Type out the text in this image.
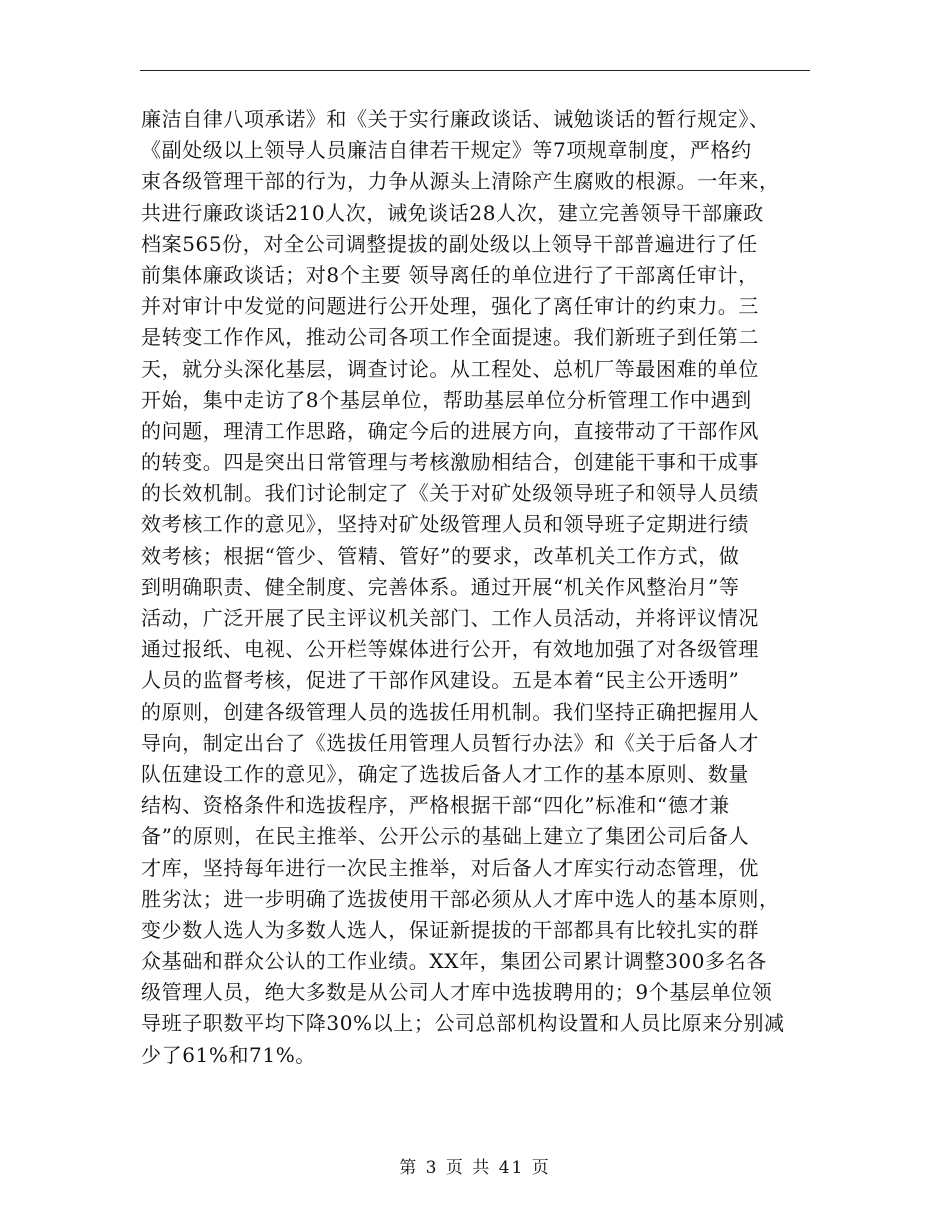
廉洁自律八项承诺》和《关于实行廉政谈话、诫勉谈话的暂行规定》、
《副处级以上领导人员廉洁自律若干规定》等7项规章制度，严格约
束各级管理干部的行为，力争从源头上清除产生腐败的根源。一年来，
共进行廉政谈话210人次，诫免谈话28人次，建立完善领导干部廉政
档案565份，对全公司调整提拔的副处级以上领导干部普遍进行了任
前集体廉政谈话；对8个主要 领导离任的单位进行了干部离任审计，
并对审计中发觉的问题进行公开处理，强化了离任审计的约束力。三
是转变工作作风，推动公司各项工作全面提速。我们新班子到任第二
天，就分头深化基层，调查讨论。从工程处、总机厂等最困难的单位
开始，集中走访了8个基层单位，帮助基层单位分析管理工作中遇到
的问题，理清工作思路，确定今后的进展方向，直接带动了干部作风
的转变。四是突出日常管理与考核激励相结合，创建能干事和干成事
的长效机制。我们讨论制定了《关于对矿处级领导班子和领导人员绩
效考核工作的意见》，坚持对矿处级管理人员和领导班子定期进行绩
效考核；根据“管少、管精、管好”的要求，改革机关工作方式，做
到明确职责、健全制度、完善体系。通过开展“机关作风整治月”等
活动，广泛开展了民主评议机关部门、工作人员活动，并将评议情况
通过报纸、电视、公开栏等媒体进行公开，有效地加强了对各级管理
人员的监督考核，促进了干部作风建设。五是本着“民主公开透明”
的原则，创建各级管理人员的选拔任用机制。我们坚持正确把握用人
导向，制定出台了《选拔任用管理人员暂行办法》和《关于后备人才
队伍建设工作的意见》，确定了选拔后备人才工作的基本原则、数量
结构、资格条件和选拔程序，严格根据干部“四化”标准和“德才兼
备”的原则，在民主推举、公开公示的基础上建立了集团公司后备人
才库，坚持每年进行一次民主推举，对后备人才库实行动态管理，优
胜劣汰；进一步明确了选拔使用干部必须从人才库中选人的基本原则，
变少数人选人为多数人选人，保证新提拔的干部都具有比较扎实的群
众基础和群众公认的工作业绩。XX年，集团公司累计调整300多名各
级管理人员，绝大多数是从公司人才库中选拔聘用的；9个基层单位领
导班子职数平均下降30%以上；公司总部机构设置和人员比原来分别减
少了61%和71%。
第 3 页 共 41 页
